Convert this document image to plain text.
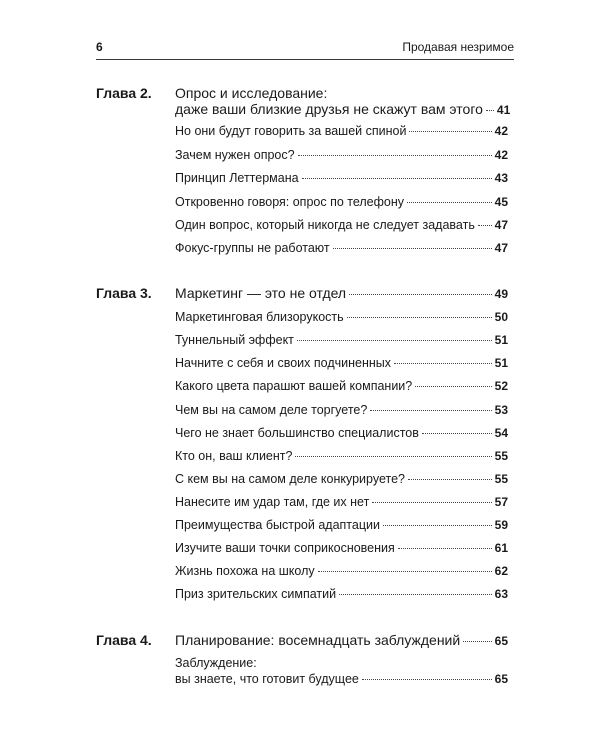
6	Продавая незримое
Глава 2. Опрос и исследование:
даже ваши близкие друзья не скажут вам этого 41
Но они будут говорить за вашей спиной	42
Зачем нужен опрос?	42
Принцип Леттермана	43
Откровенно говоря: опрос по телефону	45
Один вопрос, который никогда не следует задавать 47
Фокус-группы не работают	47
Глава 3. Маркетинг — это не отдел	49
Маркетинговая близорукость	50
Туннельный эффект	51
Начните с себя и своих подчиненных	51
Какого цвета парашют вашей компании?	52
Чем вы на самом деле торгуете?	53
Чего не знает большинство специалистов	54
Кто он, ваш клиент?	55
С кем вы на самом деле конкурируете?	55
Нанесите им удар там, где их нет	57
Преимущества быстрой адаптации	59
Изучите ваши точки соприкосновения	61
Жизнь похожа на школу	62
Приз зрительских симпатий	63
Глава 4. Планирование: восемнадцать заблуждений	65
Заблуждение:
вы знаете, что готовит будущее	65
